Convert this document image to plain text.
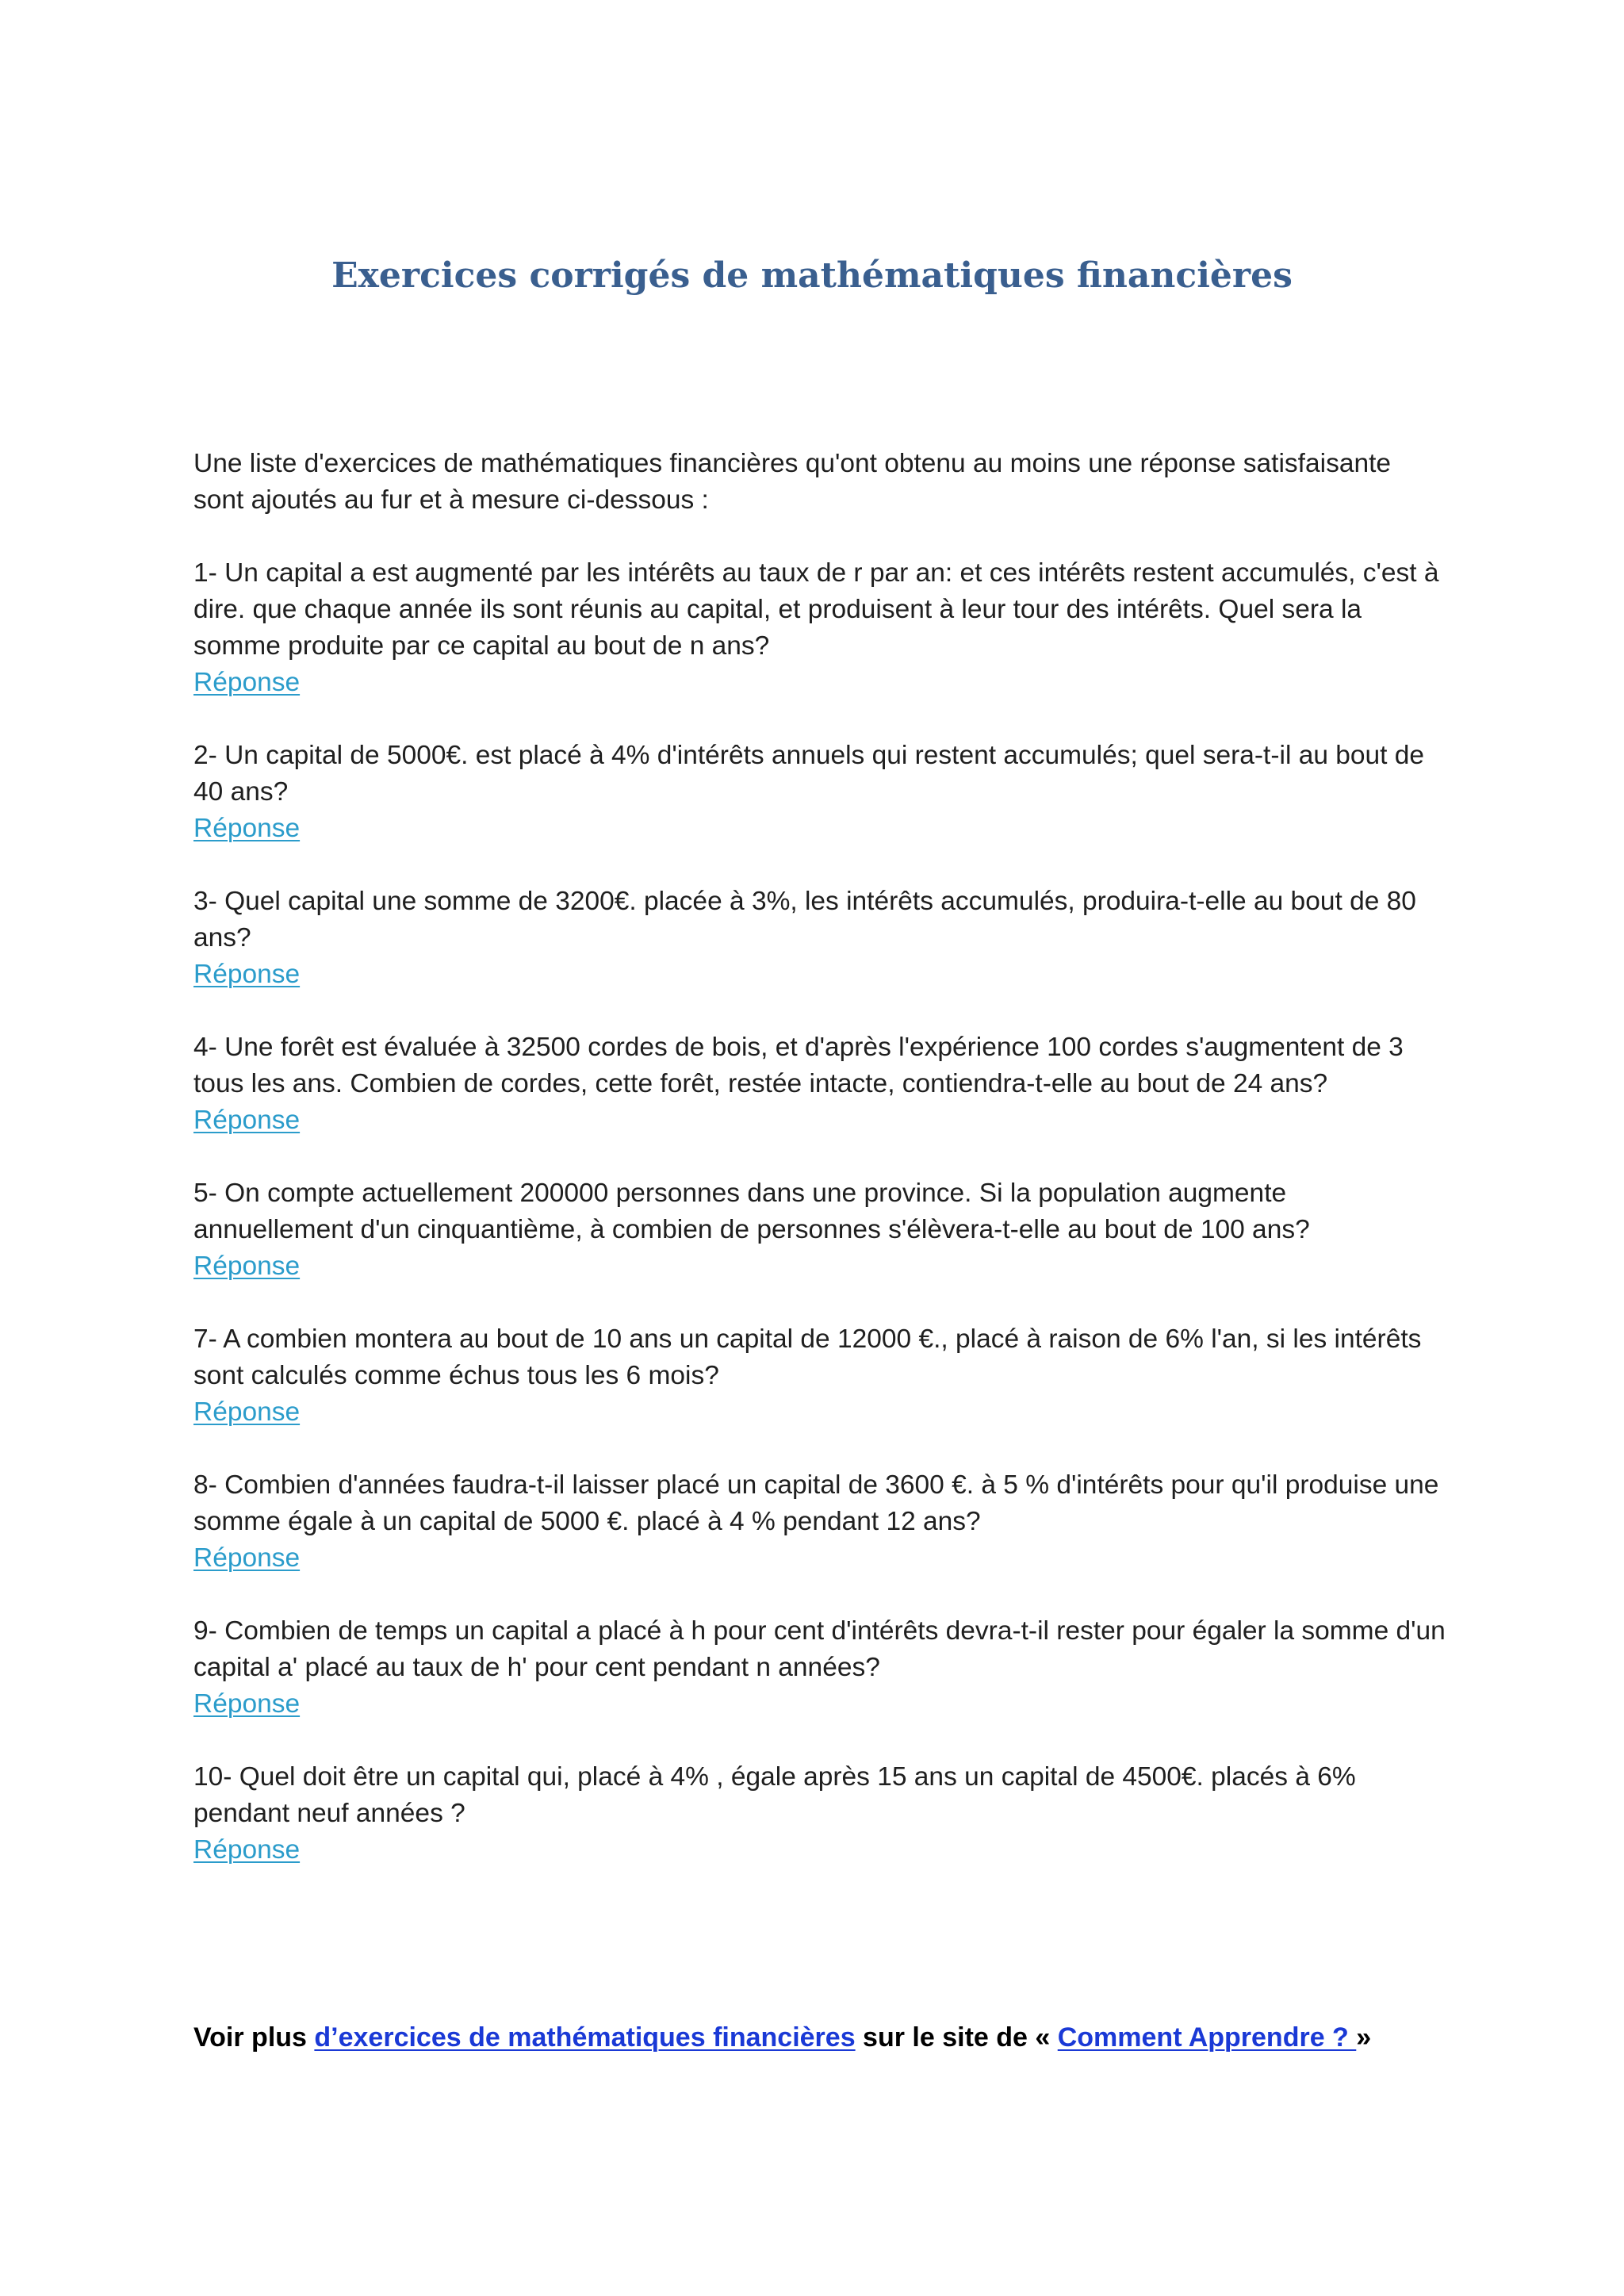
Exercices corrigés de mathématiques financières

Une liste d'exercices de mathématiques financières qu'ont obtenu au moins une réponse satisfaisante sont ajoutés au fur et à mesure ci-dessous :

1- Un capital a est augmenté par les intérêts au taux de r par an: et ces intérêts restent accumulés, c'est à dire. que chaque année ils sont réunis au capital, et produisent à leur tour des intérêts. Quel sera la somme produite par ce capital au bout de n ans?

Réponse

2- Un capital de 5000€. est placé à 4% d'intérêts annuels qui restent accumulés; quel sera-t-il au bout de 40 ans?

Réponse

3- Quel capital une somme de 3200€. placée à 3%, les intérêts accumulés, produira-t-elle au bout de 80 ans?

Réponse

4- Une forêt est évaluée à 32500 cordes de bois, et d'après l'expérience 100 cordes s'augmentent de 3 tous les ans. Combien de cordes, cette forêt, restée intacte, contiendra-t-elle au bout de 24 ans?

Réponse

5- On compte actuellement 200000 personnes dans une province. Si la population augmente annuellement d'un cinquantième, à combien de personnes s'élèvera-t-elle au bout de 100 ans?

Réponse

7- A combien montera au bout de 10 ans un capital de 12000 €., placé à raison de 6% l'an, si les intérêts sont calculés comme échus tous les 6 mois?

Réponse

8- Combien d'années faudra-t-il laisser placé un capital de 3600 €. à 5 % d'intérêts pour qu'il produise une somme égale à un capital de 5000 €. placé à 4 % pendant 12 ans?

Réponse

9- Combien de temps un capital a placé à h pour cent d'intérêts devra-t-il rester pour égaler la somme d'un capital a' placé au taux de h' pour cent pendant n années?

Réponse

10- Quel doit être un capital qui, placé à 4% , égale après 15 ans un capital de 4500€. placés à 6% pendant neuf années ?

Réponse
Voir plus d’exercices de mathématiques financières sur le site de « Comment Apprendre ? »
